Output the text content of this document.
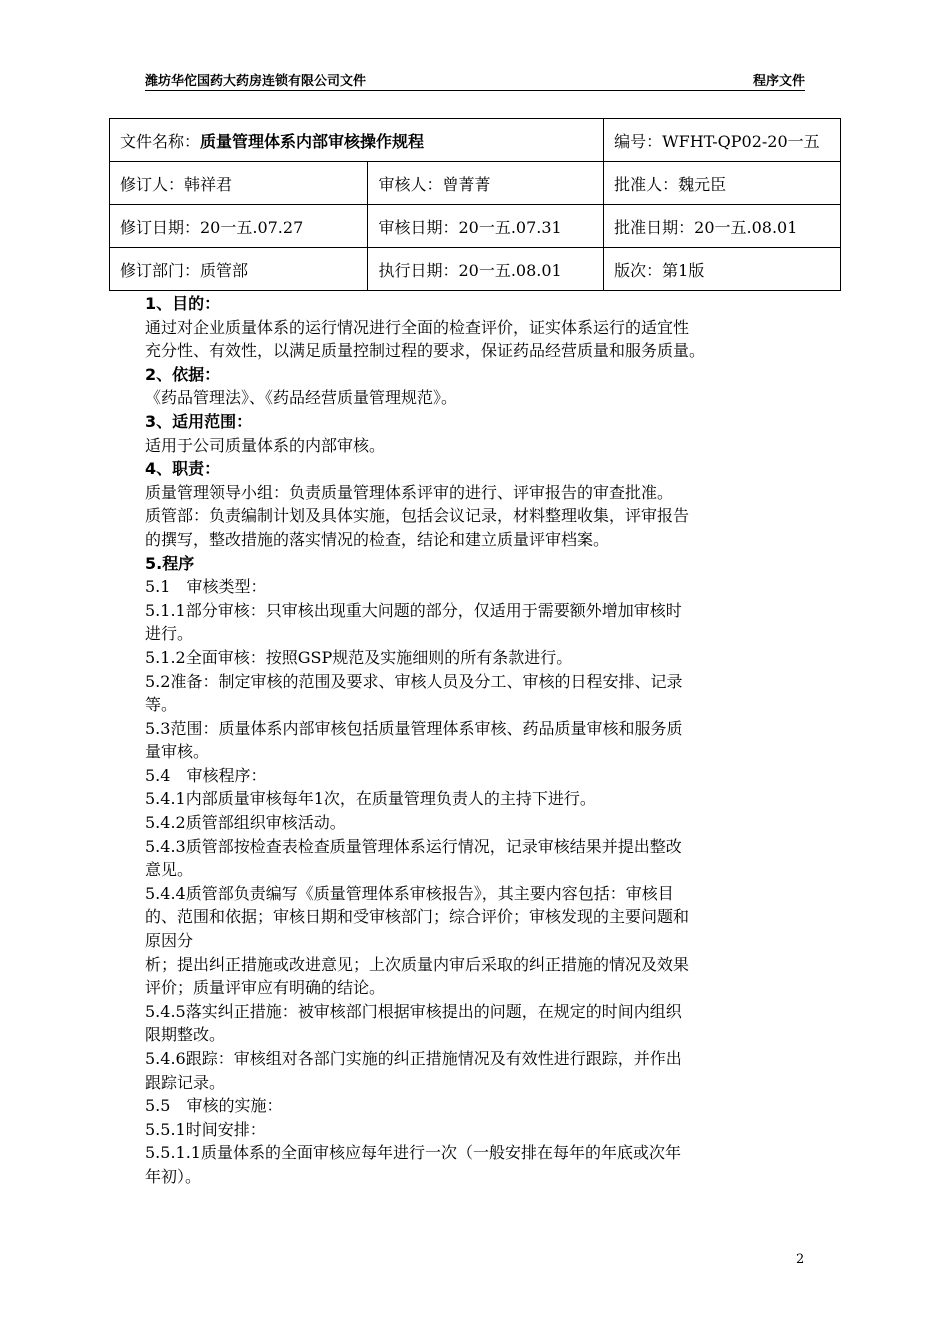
潍坊华佗国药大药房连锁有限公司文件	程序文件
文件名称：质量管理体系内部审核操作规程		编号：WFHT-QP02-20一五
修订人：韩祥君	审核人：曾菁菁	批准人：魏元臣
修订日期：20一五.07.27	审核日期：20一五.07.31	批准日期：20一五.08.01
修订部门：质管部	执行日期：20一五.08.01	版次：第1版

1、目的：

通过对企业质量体系的运行情况进行全面的检查评价，证实体系运行的适宜性

充分性、有效性，以满足质量控制过程的要求，保证药品经营质量和服务质量。

2、依据：

《药品管理法》、《药品经营质量管理规范》。

3、适用范围：

适用于公司质量体系的内部审核。

4、职责：

质量管理领导小组：负责质量管理体系评审的进行、评审报告的审查批准。

质管部：负责编制计划及具体实施，包括会议记录，材料整理收集，评审报告

的撰写，整改措施的落实情况的检查，结论和建立质量评审档案。

5.程序

5.1　审核类型：

5.1.1部分审核：只审核出现重大问题的部分，仅适用于需要额外增加审核时

进行。

5.1.2全面审核：按照GSP规范及实施细则的所有条款进行。

5.2准备：制定审核的范围及要求、审核人员及分工、审核的日程安排、记录

等。

5.3范围：质量体系内部审核包括质量管理体系审核、药品质量审核和服务质

量审核。

5.4　审核程序：

5.4.1内部质量审核每年1次，在质量管理负责人的主持下进行。

5.4.2质管部组织审核活动。

5.4.3质管部按检查表检查质量管理体系运行情况，记录审核结果并提出整改

意见。

5.4.4质管部负责编写《质量管理体系审核报告》，其主要内容包括：审核目

的、范围和依据；审核日期和受审核部门；综合评价；审核发现的主要问题和

原因分

析；提出纠正措施或改进意见；上次质量内审后采取的纠正措施的情况及效果

评价；质量评审应有明确的结论。

5.4.5落实纠正措施：被审核部门根据审核提出的问题，在规定的时间内组织

限期整改。

5.4.6跟踪：审核组对各部门实施的纠正措施情况及有效性进行跟踪，并作出

跟踪记录。

5.5　审核的实施：

5.5.1时间安排：

5.5.1.1质量体系的全面审核应每年进行一次（一般安排在每年的年底或次年

年初）。

2
